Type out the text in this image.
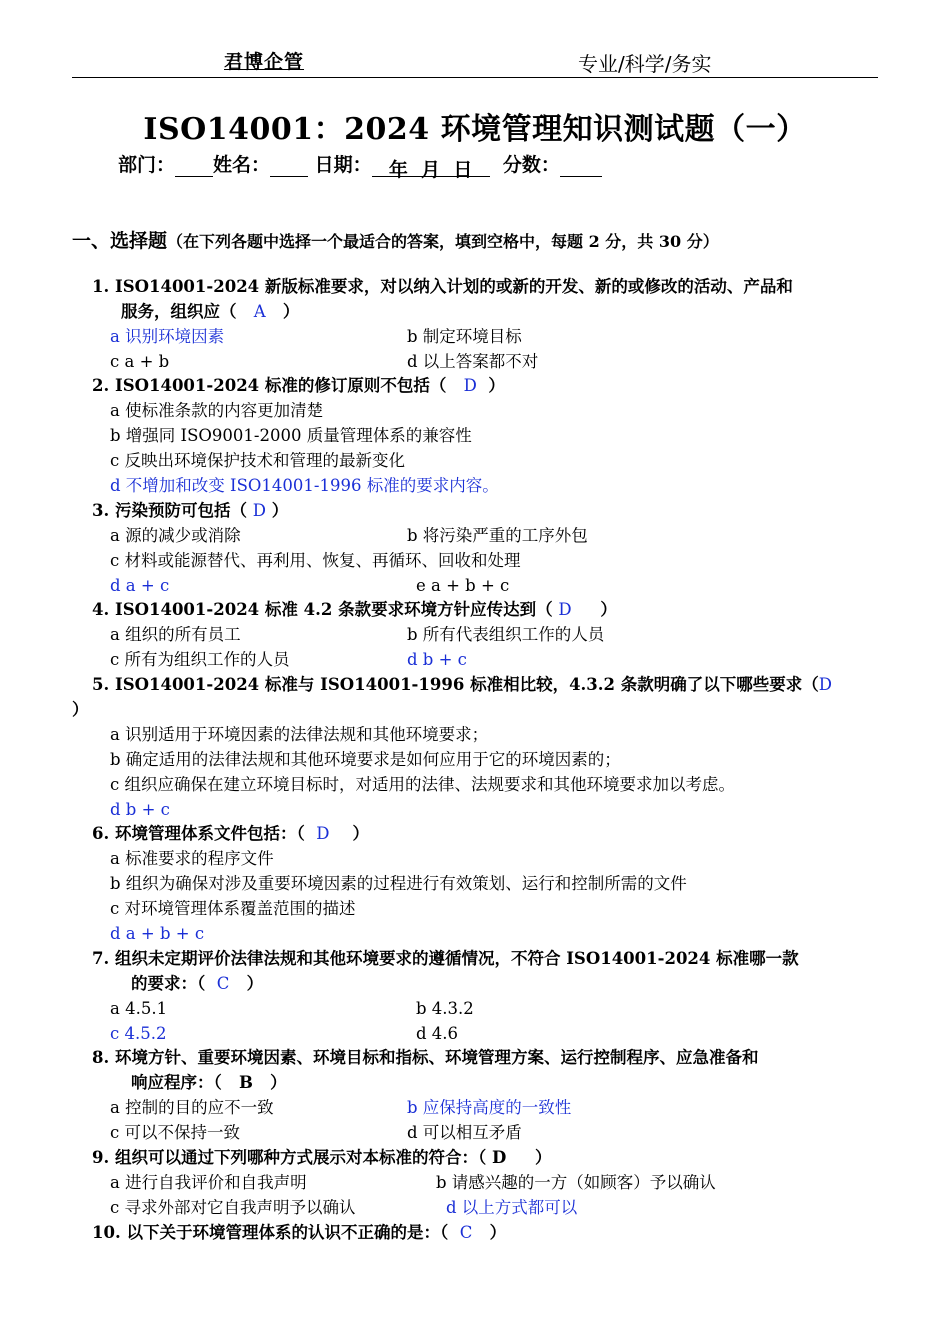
君博企管	专业/科学/务实
ISO14001：2024 环境管理知识测试题（一）
部门： 姓名： 日期： 年 月 日 分数：
一、选择题（在下列各题中选择一个最适合的答案，填到空格中，每题 2 分，共 30 分）
1. ISO14001-2024 新版标准要求，对以纳入计划的或新的开发、新的或修改的活动、产品和
服务，组织应（ A ）
a 识别环境因素	b 制定环境目标
c a + b	d 以上答案都不对
2. ISO14001-2024 标准的修订原则不包括（ D ）
a 使标准条款的内容更加清楚
b 增强同 ISO9001-2000 质量管理体系的兼容性
c 反映出环境保护技术和管理的最新变化
d 不增加和改变 ISO14001-1996 标准的要求内容。
3. 污染预防可包括（ D ）
a 源的减少或消除	b 将污染严重的工序外包
c 材料或能源替代、再利用、恢复、再循环、回收和处理
d a + c	e a + b + c
4. ISO14001-2024 标准 4.2 条款要求环境方针应传达到（ D ）
a 组织的所有员工	b 所有代表组织工作的人员
c 所有为组织工作的人员	d b + c
5. ISO14001-2024 标准与 ISO14001-1996 标准相比较，4.3.2 条款明确了以下哪些要求（D
）
a 识别适用于环境因素的法律法规和其他环境要求；
b 确定适用的法律法规和其他环境要求是如何应用于它的环境因素的；
c 组织应确保在建立环境目标时，对适用的法律、法规要求和其他环境要求加以考虑。
d b + c
6. 环境管理体系文件包括：（ D ）
a 标准要求的程序文件
b 组织为确保对涉及重要环境因素的过程进行有效策划、运行和控制所需的文件
c 对环境管理体系覆盖范围的描述
d a + b + c
7. 组织未定期评价法律法规和其他环境要求的遵循情况，不符合 ISO14001-2024 标准哪一款
的要求：（ C ）
a 4.5.1	b 4.3.2
c 4.5.2	d 4.6
8. 环境方针、重要环境因素、环境目标和指标、环境管理方案、运行控制程序、应急准备和
响应程序：（ B ）
a 控制的目的应不一致	b 应保持高度的一致性
c 可以不保持一致	d 可以相互矛盾
9. 组织可以通过下列哪种方式展示对本标准的符合：（ D ）
a 进行自我评价和自我声明	b 请感兴趣的一方（如顾客）予以确认
c 寻求外部对它自我声明予以确认	d 以上方式都可以
10. 以下关于环境管理体系的认识不正确的是：（ C ）
